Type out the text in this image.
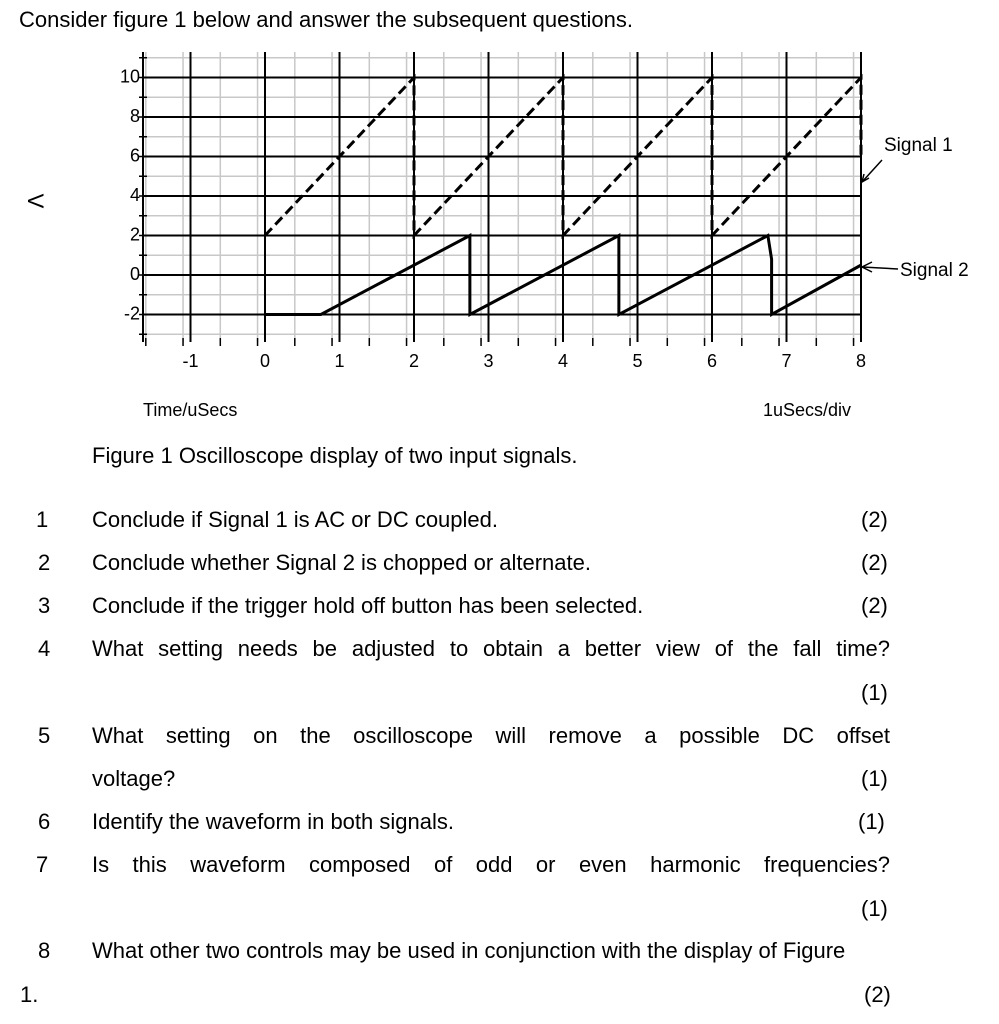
Consider figure 1 below and answer the subsequent questions.
-1	0	1	2	3	4	5	6	7	8
10
8
6
4
2
0
-2
V
Time/uSecs	1uSecs/div
Signal 1
Signal 2
Figure 1 Oscilloscope display of two input signals.
1 Conclude if Signal 1 is AC or DC coupled.	(2)
2 Conclude whether Signal 2 is chopped or alternate.	(2)
3 Conclude if the trigger hold off button has been selected.	(2)
4 What setting needs be adjusted to obtain a better view of the fall time?
(1)
5 What setting on the oscilloscope will remove a possible DC offset
voltage?	(1)
6 Identify the waveform in both signals.	(1)
7 Is this waveform composed of odd or even harmonic frequencies?
(1)
8 What other two controls may be used in conjunction with the display of Figure
1.	(2)
